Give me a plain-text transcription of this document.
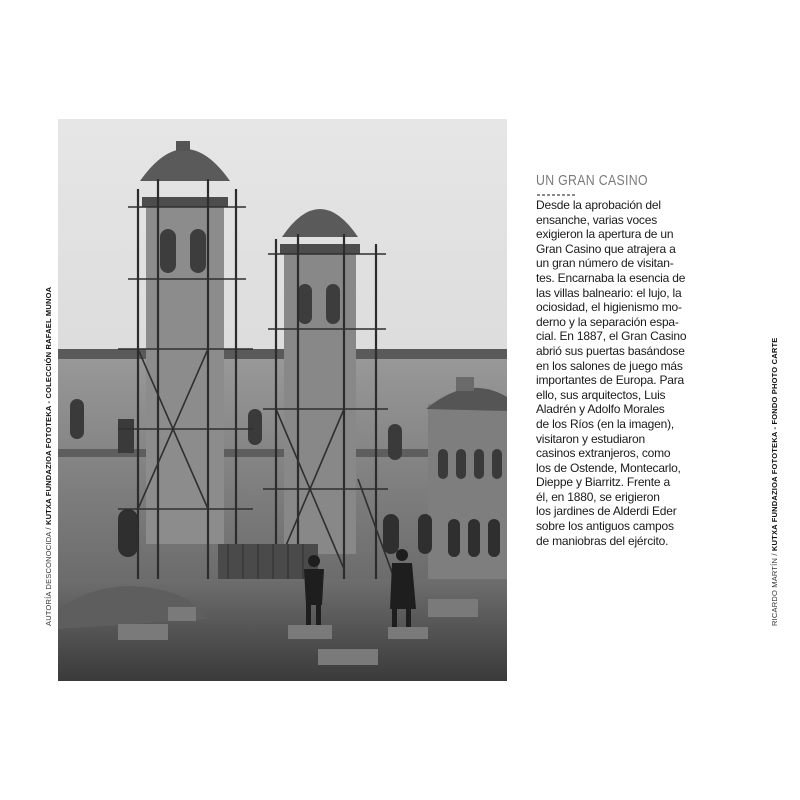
AUTORÍA DESCONOCIDA / KUTXA FUNDAZIOA FOTOTEKA - COLECCIÓN RAFAEL MUNOA
RICARDO MARTÍN / KUTXA FUNDAZIOA FOTOTEKA - FONDO PHOTO CARTE
UN GRAN CASINO
Desde la aprobación del
ensanche, varias voces
exigieron la apertura de un
Gran Casino que atrajera a
un gran número de visitan-
tes. Encarnaba la esencia de
las villas balneario: el lujo, la
ociosidad, el higienismo mo-
derno y la separación espa-
cial. En 1887, el Gran Casino
abrió sus puertas basándose
en los salones de juego más
importantes de Europa. Para
ello, sus arquitectos, Luis
Aladrén y Adolfo Morales
de los Ríos (en la imagen),
visitaron y estudiaron
casinos extranjeros, como
los de Ostende, Montecarlo,
Dieppe y Biarritz. Frente a
él, en 1880, se erigieron
los jardines de Alderdi Eder
sobre los antiguos campos
de maniobras del ejército.
